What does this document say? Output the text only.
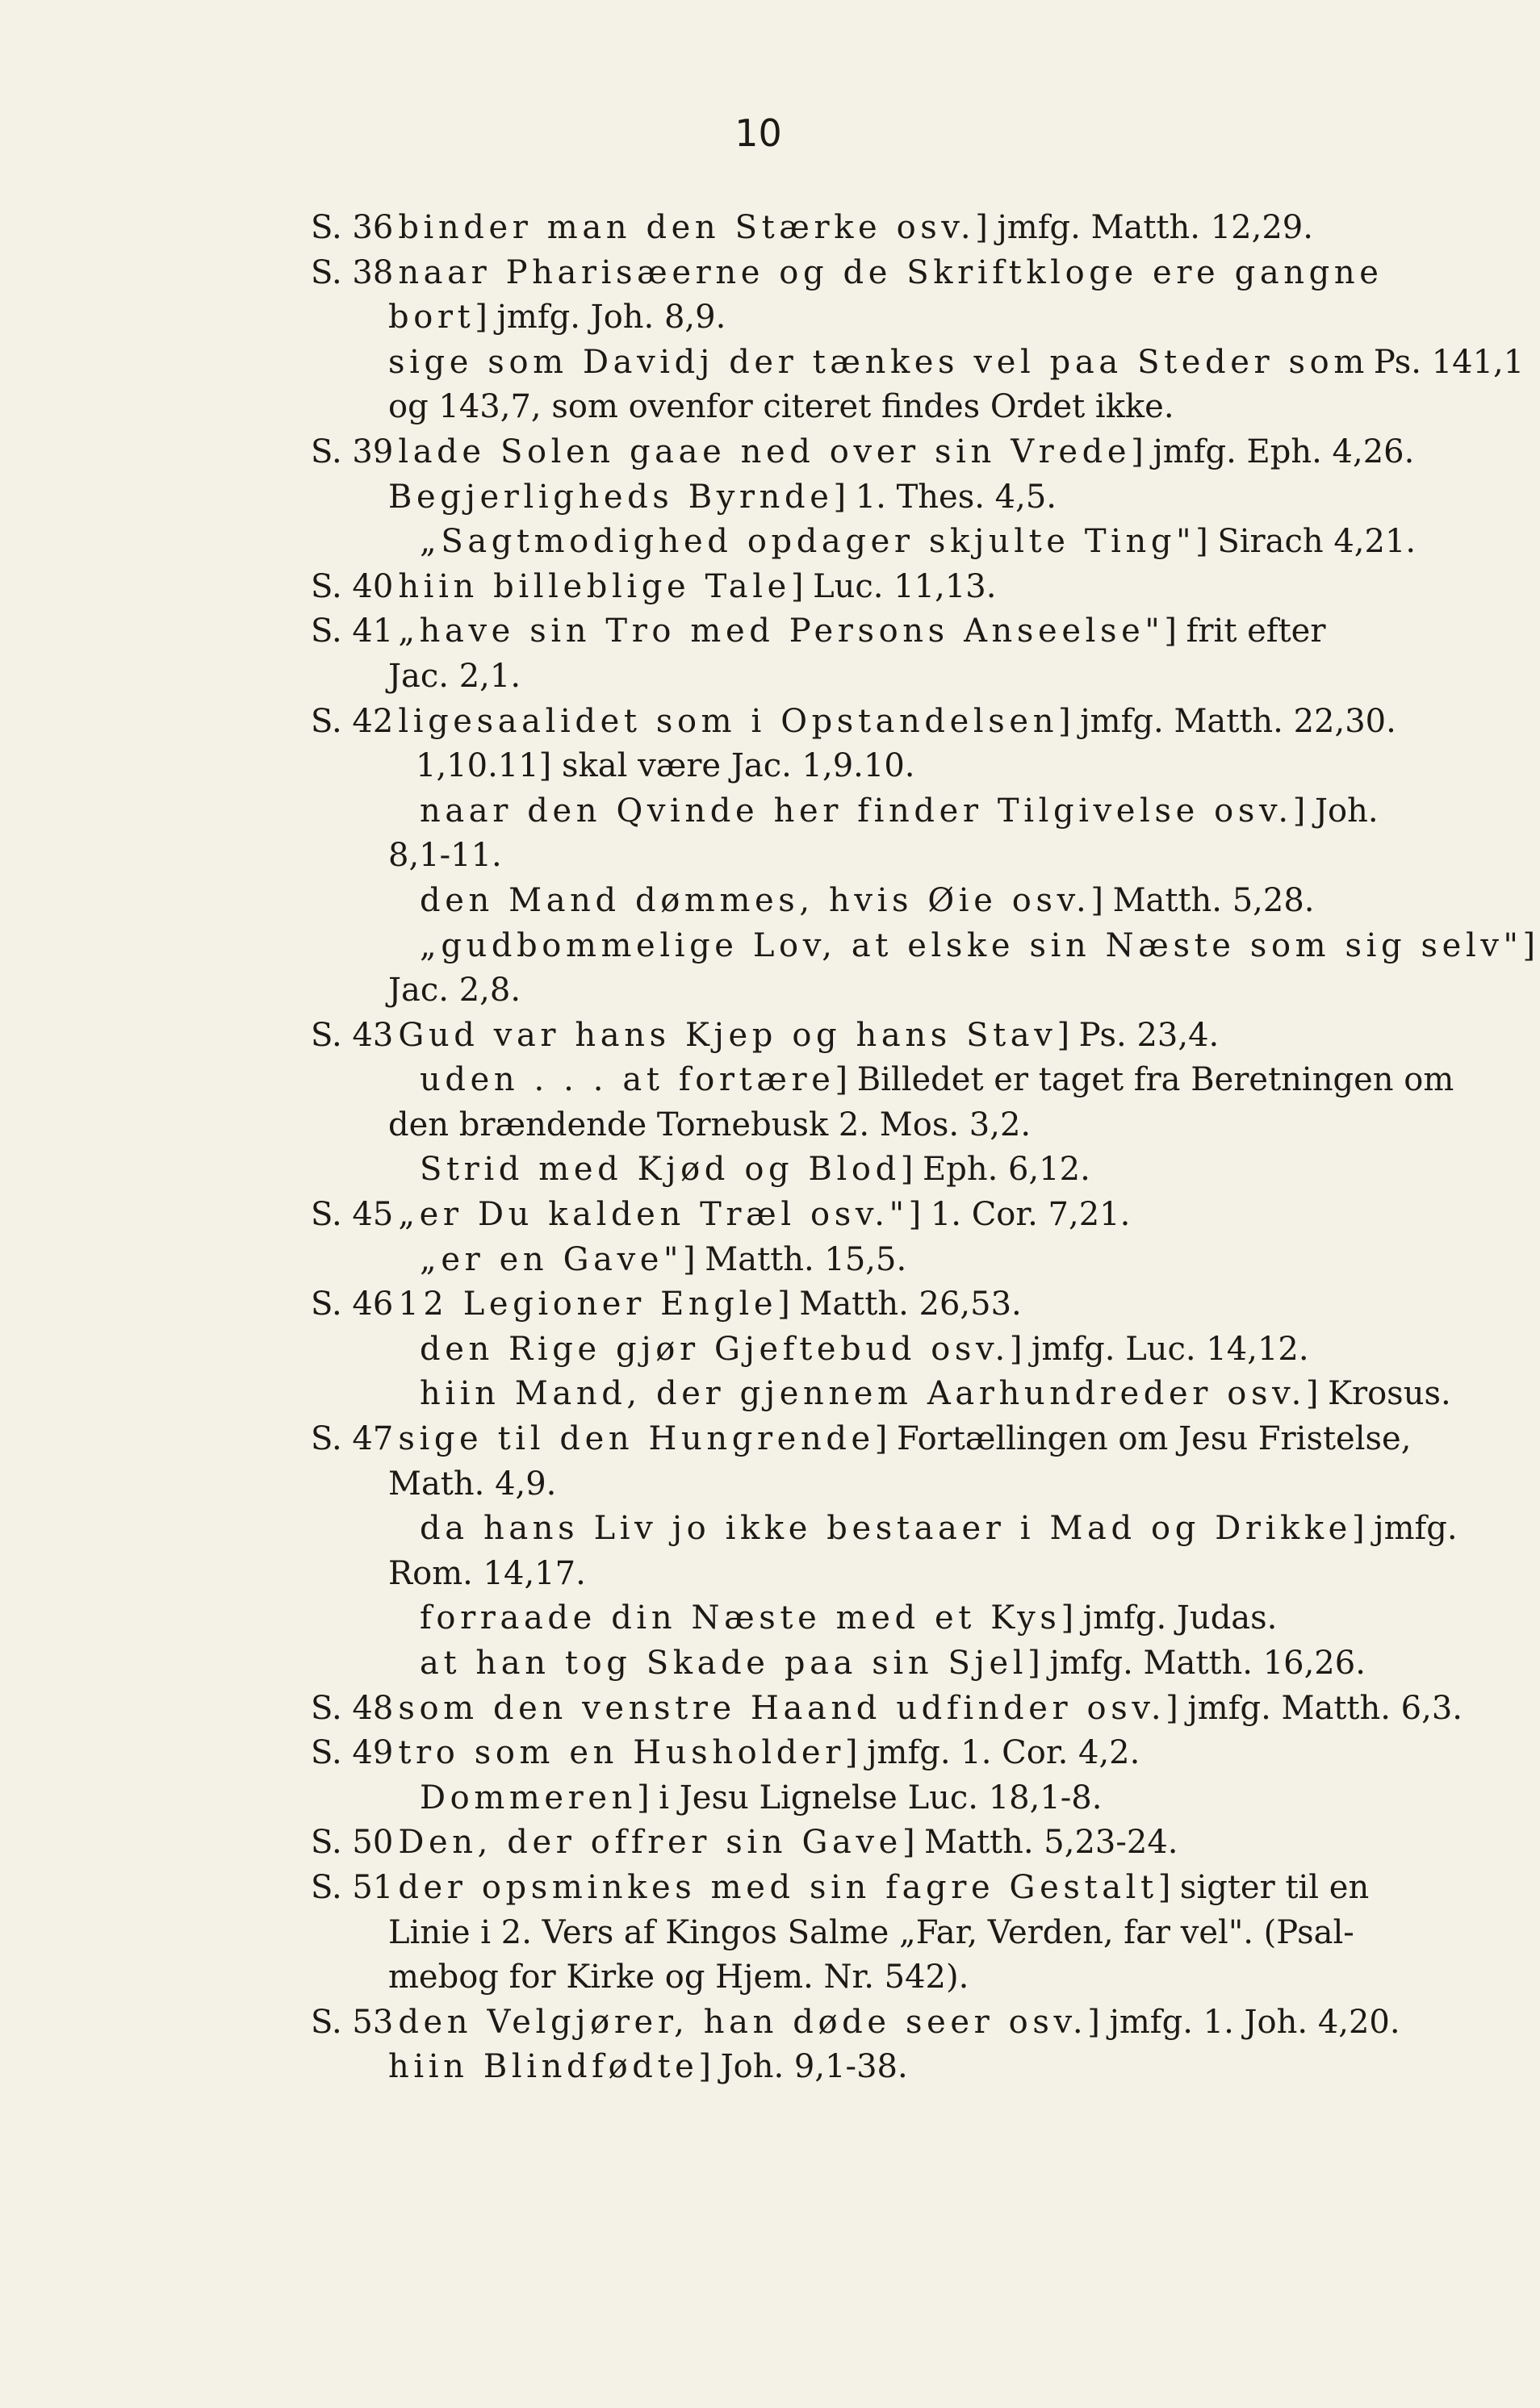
10
S. 36 binder man den Stærke osv.] jmfg. Matth. 12,29.
S. 38 naar Pharisæerne og de Skriftkloge ere gangne
bort] jmfg. Joh. 8,9.
sige som Davidj der tænkes vel paa Steder som Ps. 141,1
og 143,7, som ovenfor citeret findes Ordet ikke.
S. 39 lade Solen gaae ned over sin Vrede] jmfg. Eph. 4,26.
Begjerligheds Byrnde] 1. Thes. 4,5.
„Sagtmodighed opdager skjulte Ting"] Sirach 4,21.
S. 40 hiin billeblige Tale] Luc. 11,13.
S. 41 „have sin Tro med Persons Anseelse"] frit efter
Jac. 2,1.
S. 42 ligesaalidet som i Opstandelsen] jmfg. Matth. 22,30.
1,10.11] skal være Jac. 1,9.10.
naar den Qvinde her finder Tilgivelse osv.] Joh.
8,1-11.
den Mand dømmes, hvis Øie osv.] Matth. 5,28.
„gudbommelige Lov, at elske sin Næste som sig selv"]
Jac. 2,8.
S. 43 Gud var hans Kjep og hans Stav] Ps. 23,4.
uden . . . at fortære] Billedet er taget fra Beretningen om
den brændende Tornebusk 2. Mos. 3,2.
Strid med Kjød og Blod] Eph. 6,12.
S. 45 „er Du kalden Træl osv."] 1. Cor. 7,21.
„er en Gave"] Matth. 15,5.
S. 46 12 Legioner Engle] Matth. 26,53.
den Rige gjør Gjeftebud osv.] jmfg. Luc. 14,12.
hiin Mand, der gjennem Aarhundreder osv.] Krosus.
S. 47 sige til den Hungrende] Fortællingen om Jesu Fristelse,
Math. 4,9.
da hans Liv jo ikke bestaaer i Mad og Drikke] jmfg.
Rom. 14,17.
forraade din Næste med et Kys] jmfg. Judas.
at han tog Skade paa sin Sjel] jmfg. Matth. 16,26.
S. 48 som den venstre Haand udfinder osv.] jmfg. Matth. 6,3.
S. 49 tro som en Husholder] jmfg. 1. Cor. 4,2.
Dommeren] i Jesu Lignelse Luc. 18,1-8.
S. 50 Den, der offrer sin Gave] Matth. 5,23-24.
S. 51 der opsminkes med sin fagre Gestalt] sigter til en
Linie i 2. Vers af Kingos Salme „Far, Verden, far vel". (Psal-
mebog for Kirke og Hjem. Nr. 542).
S. 53 den Velgjører, han døde seer osv.] jmfg. 1. Joh. 4,20.
hiin Blindfødte] Joh. 9,1-38.
